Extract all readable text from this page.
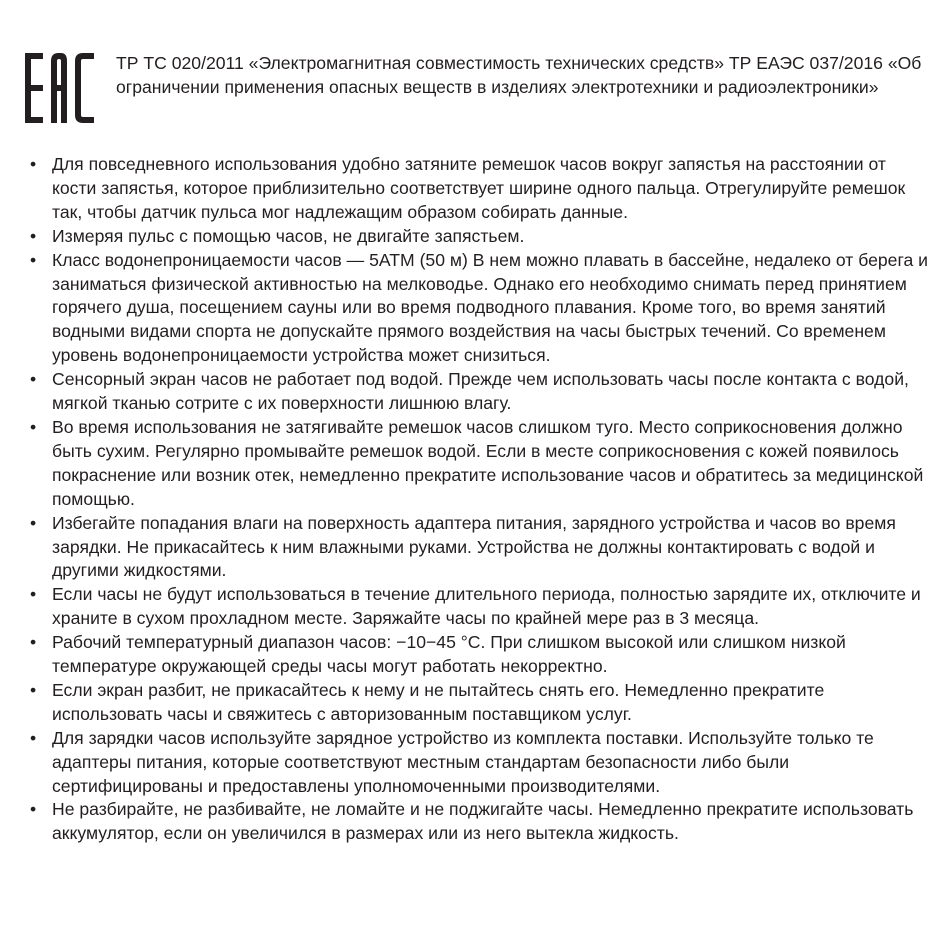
ТР ТС 020/2011 «Электромагнитная совместимость технических средств» ТР ЕАЭС 037/2016 «Об ограничении применения опасных веществ в изделиях электротехники и радиоэлектроники»

• Для повседневного использования удобно затяните ремешок часов вокруг запястья на расстоянии от кости запястья, которое приблизительно соответствует ширине одного пальца. Отрегулируйте ремешок так, чтобы датчик пульса мог надлежащим образом собирать данные.
• Измеряя пульс с помощью часов, не двигайте запястьем.
• Класс водонепроницаемости часов — 5ATM (50 м) В нем можно плавать в бассейне, недалеко от берега и заниматься физической активностью на мелководье. Однако его необходимо снимать перед принятием горячего душа, посещением сауны или во время подводного плавания. Кроме того, во время занятий водными видами спорта не допускайте прямого воздействия на часы быстрых течений. Со временем уровень водонепроницаемости устройства может снизиться.
• Сенсорный экран часов не работает под водой. Прежде чем использовать часы после контакта с водой, мягкой тканью сотрите с их поверхности лишнюю влагу.
• Во время использования не затягивайте ремешок часов слишком туго. Место соприкосновения должно быть сухим. Регулярно промывайте ремешок водой. Если в месте соприкосновения с кожей появилось покраснение или возник отек, немедленно прекратите использование часов и обратитесь за медицинской помощью.
• Избегайте попадания влаги на поверхность адаптера питания, зарядного устройства и часов во время зарядки. Не прикасайтесь к ним влажными руками. Устройства не должны контактировать с водой и другими жидкостями.
• Если часы не будут использоваться в течение длительного периода, полностью зарядите их, отключите и храните в сухом прохладном месте. Заряжайте часы по крайней мере раз в 3 месяца.
• Рабочий температурный диапазон часов: −10−45 °C. При слишком высокой или слишком низкой температуре окружающей среды часы могут работать некорректно.
• Если экран разбит, не прикасайтесь к нему и не пытайтесь снять его. Немедленно прекратите использовать часы и свяжитесь с авторизованным поставщиком услуг.
• Для зарядки часов используйте зарядное устройство из комплекта поставки. Используйте только те адаптеры питания, которые соответствуют местным стандартам безопасности либо были сертифицированы и предоставлены уполномоченными производителями.
• Не разбирайте, не разбивайте, не ломайте и не поджигайте часы. Немедленно прекратите использовать аккумулятор, если он увеличился в размерах или из него вытекла жидкость.
